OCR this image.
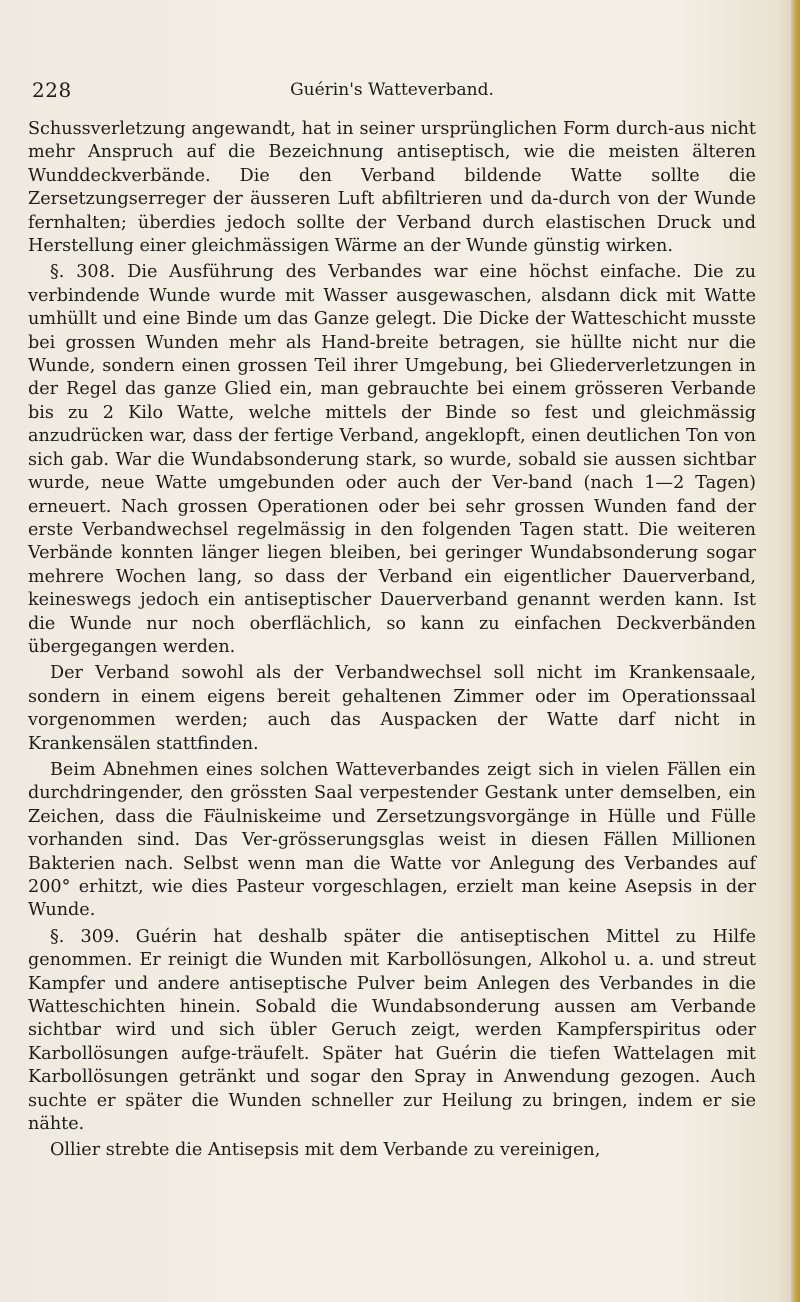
228	Guérin's Watteverband.

Schussverletzung angewandt, hat in seiner ursprünglichen Form durch-aus nicht mehr Anspruch auf die Bezeichnung antiseptisch, wie die meisten älteren Wunddeckverbände. Die den Verband bildende Watte sollte die Zersetzungserreger der äusseren Luft abfiltrieren und da-durch von der Wunde fernhalten; überdies jedoch sollte der Verband durch elastischen Druck und Herstellung einer gleichmässigen Wärme an der Wunde günstig wirken.

§. 308. Die Ausführung des Verbandes war eine höchst einfache. Die zu verbindende Wunde wurde mit Wasser ausgewaschen, alsdann dick mit Watte umhüllt und eine Binde um das Ganze gelegt. Die Dicke der Watteschicht musste bei grossen Wunden mehr als Hand-breite betragen, sie hüllte nicht nur die Wunde, sondern einen grossen Teil ihrer Umgebung, bei Gliederverletzungen in der Regel das ganze Glied ein, man gebrauchte bei einem grösseren Verbande bis zu 2 Kilo Watte, welche mittels der Binde so fest und gleichmässig anzudrücken war, dass der fertige Verband, angeklopft, einen deutlichen Ton von sich gab. War die Wundabsonderung stark, so wurde, sobald sie aussen sichtbar wurde, neue Watte umgebunden oder auch der Ver-band (nach 1—2 Tagen) erneuert. Nach grossen Operationen oder bei sehr grossen Wunden fand der erste Verbandwechsel regelmässig in den folgenden Tagen statt. Die weiteren Verbände konnten länger liegen bleiben, bei geringer Wundabsonderung sogar mehrere Wochen lang, so dass der Verband ein eigentlicher Dauerverband, keineswegs jedoch ein antiseptischer Dauerverband genannt werden kann. Ist die Wunde nur noch oberflächlich, so kann zu einfachen Deckverbänden übergegangen werden.

Der Verband sowohl als der Verbandwechsel soll nicht im Krankensaale, sondern in einem eigens bereit gehaltenen Zimmer oder im Operationssaal vorgenommen werden; auch das Auspacken der Watte darf nicht in Krankensälen stattfinden.

Beim Abnehmen eines solchen Watteverbandes zeigt sich in vielen Fällen ein durchdringender, den grössten Saal verpestender Gestank unter demselben, ein Zeichen, dass die Fäulniskeime und Zersetzungsvorgänge in Hülle und Fülle vorhanden sind. Das Ver-grösserungsglas weist in diesen Fällen Millionen Bakterien nach. Selbst wenn man die Watte vor Anlegung des Verbandes auf 200° erhitzt, wie dies Pasteur vorgeschlagen, erzielt man keine Asepsis in der Wunde.

§. 309. Guérin hat deshalb später die antiseptischen Mittel zu Hilfe genommen. Er reinigt die Wunden mit Karbollösungen, Alkohol u. a. und streut Kampfer und andere antiseptische Pulver beim Anlegen des Verbandes in die Watteschichten hinein. Sobald die Wundabsonderung aussen am Verbande sichtbar wird und sich übler Geruch zeigt, werden Kampferspiritus oder Karbollösungen aufge-träufelt. Später hat Guérin die tiefen Wattelagen mit Karbollösungen getränkt und sogar den Spray in Anwendung gezogen. Auch suchte er später die Wunden schneller zur Heilung zu bringen, indem er sie nähte.

Ollier strebte die Antisepsis mit dem Verbande zu vereinigen,
